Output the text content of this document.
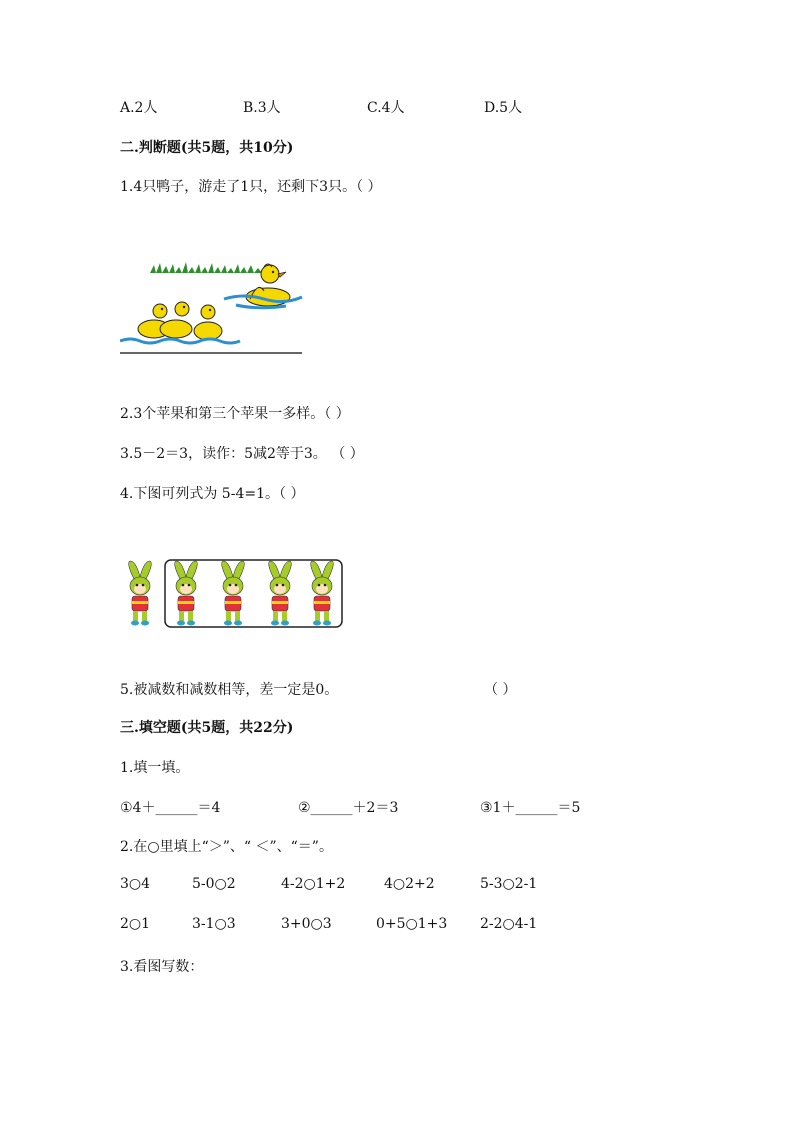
A.2人	B.3人	C.4人	D.5人
二.判断题(共5题，共10分)
1.4只鸭子，游走了1只，还剩下3只。（ ）
2.3个苹果和第三个苹果一多样。（ ）
3.5－2＝3，读作：5减2等于3。 （ ）
4.下图可列式为 5-4=1。（ ）
5.被减数和减数相等，差一定是0。	（ ）
三.填空题(共5题，共22分)
1.填一填。
①4＋______＝4	②______＋2＝3	③1＋______＝5
2.在○里填上“＞”、“ ＜”、“＝”。
3○4	5-0○2	4-2○1+2	4○2+2	5-3○2-1
2○1	3-1○3	3+0○3	0+5○1+3 2-2○4-1
3.看图写数：
